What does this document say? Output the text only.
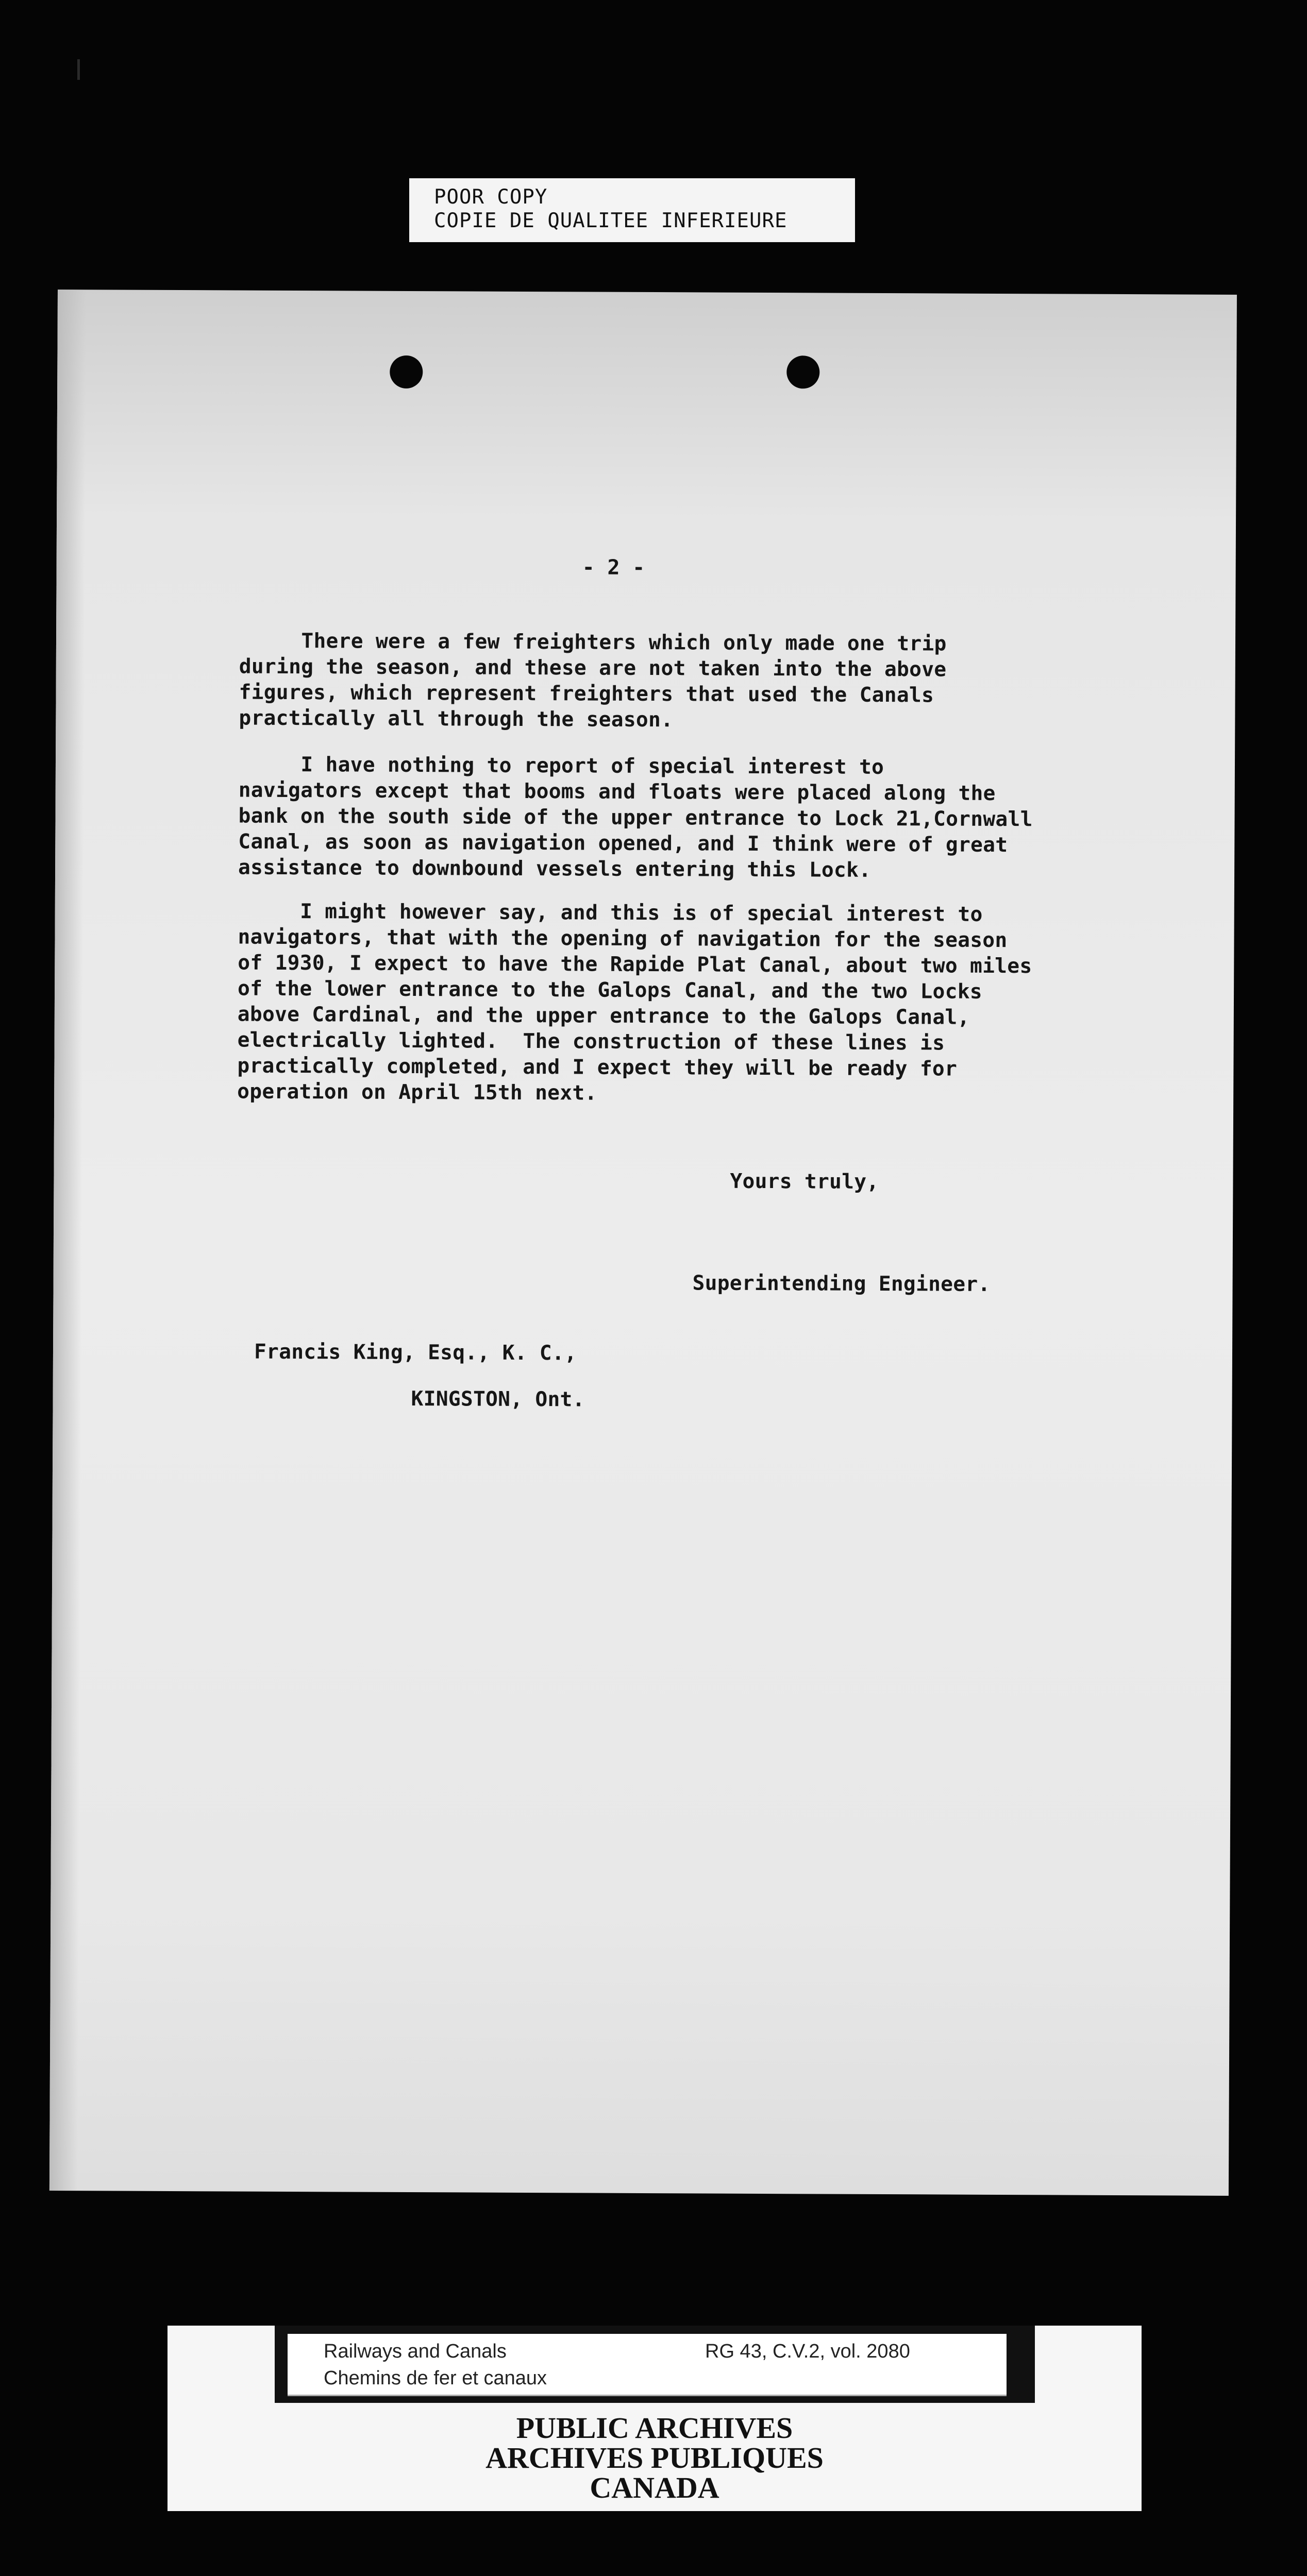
POOR COPY
COPIE DE QUALITEE INFERIEURE
- 2 -
There were a few freighters which only made one trip
during the season, and these are not taken into the above
figures, which represent freighters that used the Canals
practically all through the season.
I have nothing to report of special interest to
navigators except that booms and floats were placed along the
bank on the south side of the upper entrance to Lock 21,Cornwall
Canal, as soon as navigation opened, and I think were of great
assistance to downbound vessels entering this Lock.
I might however say, and this is of special interest to
navigators, that with the opening of navigation for the season
of 1930, I expect to have the Rapide Plat Canal, about two miles
of the lower entrance to the Galops Canal, and the two Locks
above Cardinal, and the upper entrance to the Galops Canal,
electrically lighted.  The construction of these lines is
practically completed, and I expect they will be ready for
operation on April 15th next.
Yours truly,
Superintending Engineer.
Francis King, Esq., K. C.,
KINGSTON, Ont.
Railways and Canals
Chemins de fer et canaux
RG 43, C.V.2, vol. 2080
PUBLIC ARCHIVES
ARCHIVES PUBLIQUES
CANADA
